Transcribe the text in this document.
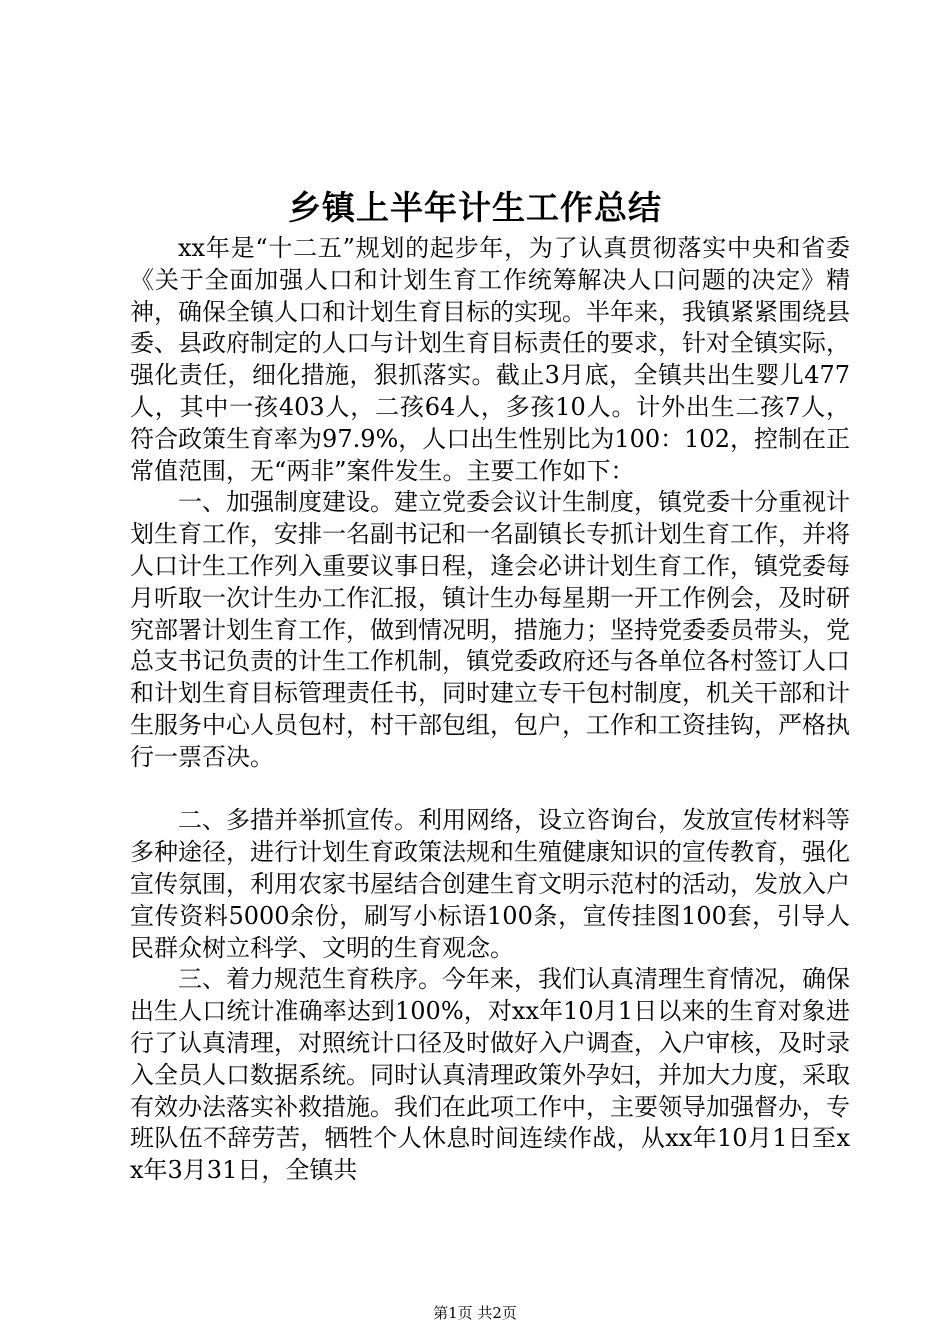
乡镇上半年计生工作总结

xx年是“十二五”规划的起步年，为了认真贯彻落实中央和省委《关于全面加强人口和计划生育工作统筹解决人口问题的决定》精神，确保全镇人口和计划生育目标的实现。半年来，我镇紧紧围绕县委、县政府制定的人口与计划生育目标责任的要求，针对全镇实际，强化责任，细化措施，狠抓落实。截止3月底，全镇共出生婴儿477人，其中一孩403人，二孩64人，多孩10人。计外出生二孩7人，符合政策生育率为97.9%，人口出生性别比为100：102，控制在正常值范围，无“两非”案件发生。主要工作如下：

一、加强制度建设。建立党委会议计生制度，镇党委十分重视计划生育工作，安排一名副书记和一名副镇长专抓计划生育工作，并将人口计生工作列入重要议事日程，逢会必讲计划生育工作，镇党委每月听取一次计生办工作汇报，镇计生办每星期一开工作例会，及时研究部署计划生育工作，做到情况明，措施力；坚持党委委员带头，党总支书记负责的计生工作机制，镇党委政府还与各单位各村签订人口和计划生育目标管理责任书，同时建立专干包村制度，机关干部和计生服务中心人员包村，村干部包组，包户，工作和工资挂钩，严格执行一票否决。

二、多措并举抓宣传。利用网络，设立咨询台，发放宣传材料等多种途径，进行计划生育政策法规和生殖健康知识的宣传教育，强化宣传氛围，利用农家书屋结合创建生育文明示范村的活动，发放入户宣传资料5000余份，刷写小标语100条，宣传挂图100套，引导人民群众树立科学、文明的生育观念。

三、着力规范生育秩序。今年来，我们认真清理生育情况，确保出生人口统计准确率达到100%，对xx年10月1日以来的生育对象进行了认真清理，对照统计口径及时做好入户调查，入户审核，及时录入全员人口数据系统。同时认真清理政策外孕妇，并加大力度，采取有效办法落实补救措施。我们在此项工作中，主要领导加强督办，专班队伍不辞劳苦，牺牲个人休息时间连续作战，从xx年10月1日至xx年3月31日，全镇共

第1页 共2页
